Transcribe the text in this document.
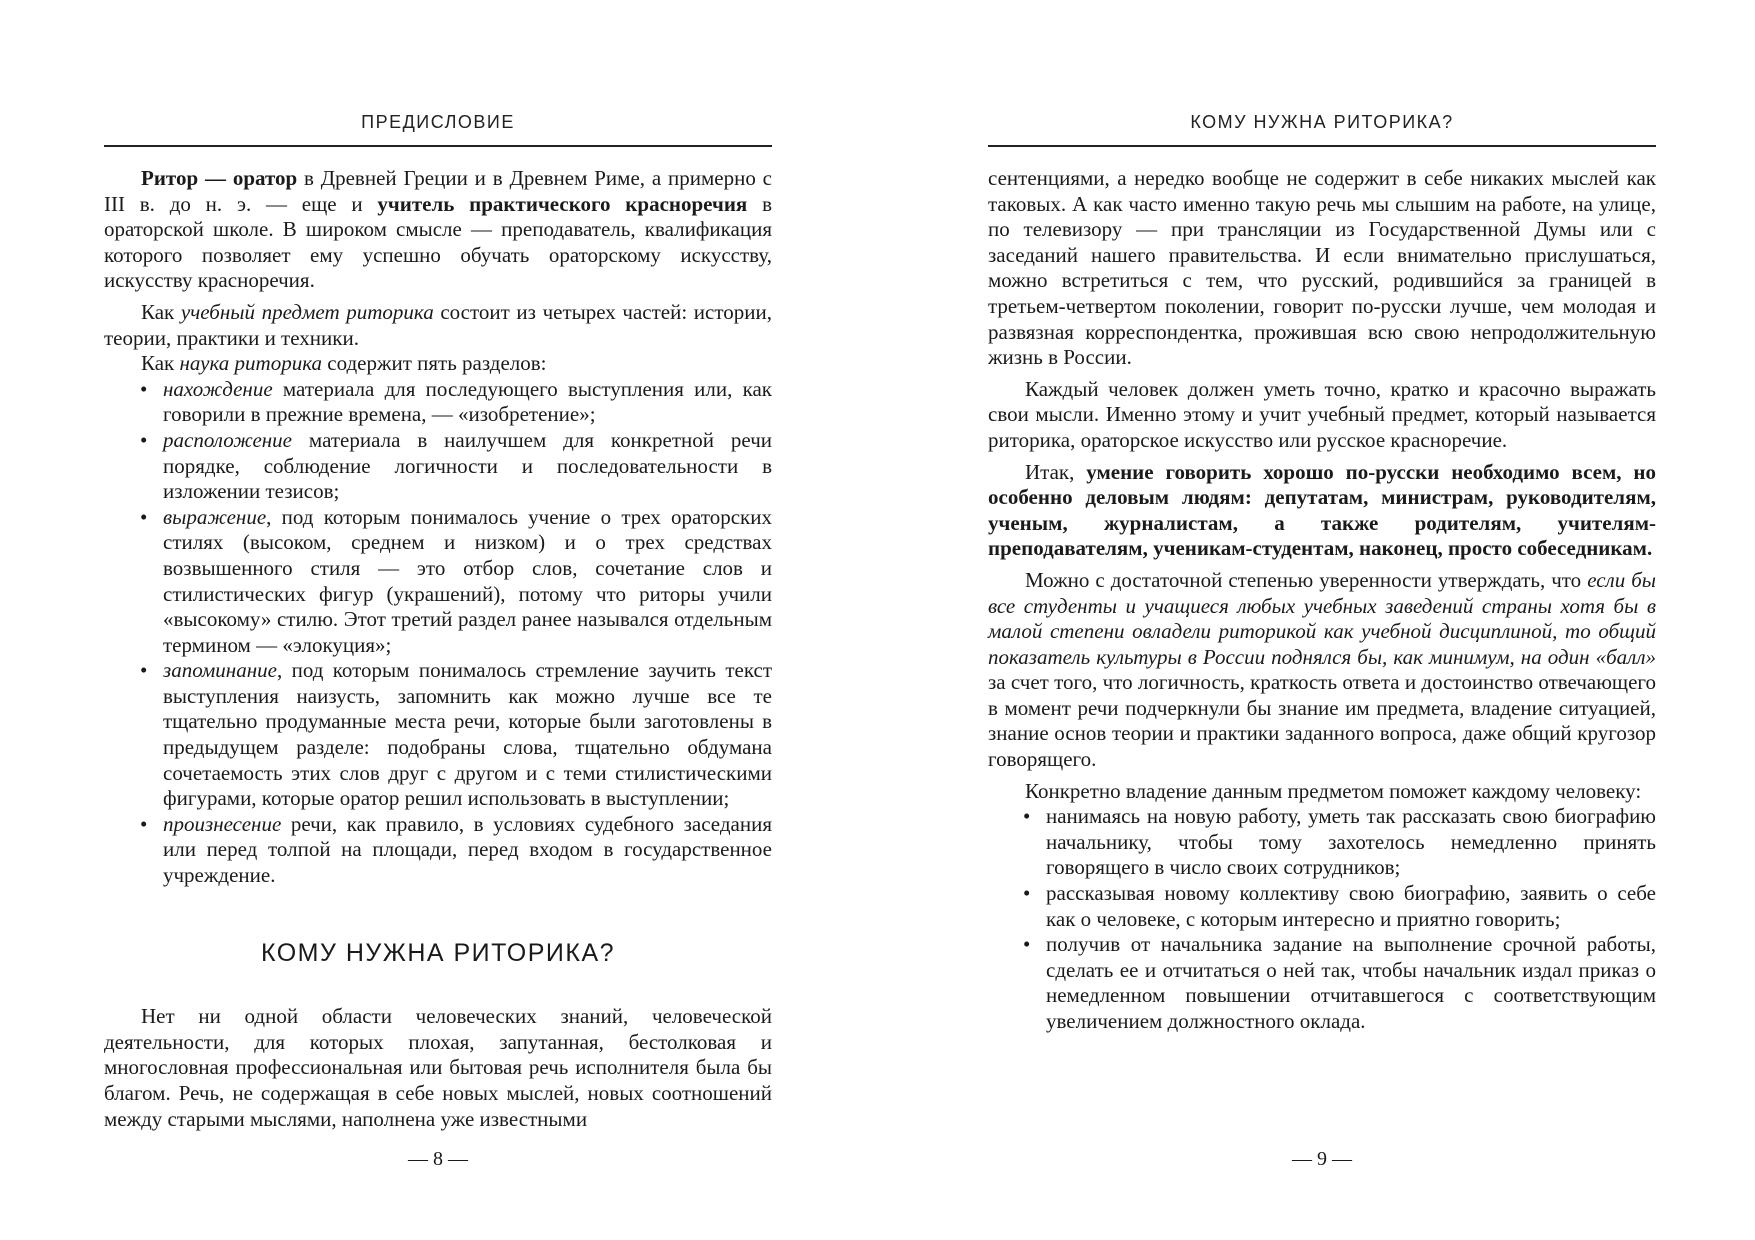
ПРЕДИСЛОВИЕ

Ритор — оратор в Древней Греции и в Древнем Риме, а примерно с III в. до н. э. — еще и учитель практического красноречия в ораторской школе. В широком смысле — преподаватель, квалификация которого позволяет ему успешно обучать ораторскому искусству, искусству красноречия.

Как учебный предмет риторика состоит из четырех частей: истории, теории, практики и техники.

Как наука риторика содержит пять разделов:

• нахождение материала для последующего выступления или, как говорили в прежние времена, — «изобретение»;
• расположение материала в наилучшем для конкретной речи порядке, соблюдение логичности и последовательности в изложении тезисов;
• выражение, под которым понималось учение о трех ораторских стилях (высоком, среднем и низком) и о трех средствах возвышенного стиля — это отбор слов, сочетание слов и стилистических фигур (украшений), потому что риторы учили «высокому» стилю. Этот третий раздел ранее назывался отдельным термином — «элокуция»;
• запоминание, под которым понималось стремление заучить текст выступления наизусть, запомнить как можно лучше все те тщательно продуманные места речи, которые были заготовлены в предыдущем разделе: подобраны слова, тщательно обдумана сочетаемость этих слов друг с другом и с теми стилистическими фигурами, которые оратор решил использовать в выступлении;
• произнесение речи, как правило, в условиях судебного заседания или перед толпой на площади, перед входом в государственное учреждение.
КОМУ НУЖНА РИТОРИКА?

Нет ни одной области человеческих знаний, человеческой деятельности, для которых плохая, запутанная, бестолковая и многословная профессиональная или бытовая речь исполнителя была бы благом. Речь, не содержащая в себе новых мыслей, новых соотношений между старыми мыслями, наполнена уже известными

— 8 —
КОМУ НУЖНА РИТОРИКА?

сентенциями, а нередко вообще не содержит в себе никаких мыслей как таковых. А как часто именно такую речь мы слышим на работе, на улице, по телевизору — при трансляции из Государственной Думы или с заседаний нашего правительства. И если внимательно прислушаться, можно встретиться с тем, что русский, родившийся за границей в третьем-четвертом поколении, говорит по-русски лучше, чем молодая и развязная корреспондентка, прожившая всю свою непродолжительную жизнь в России.

Каждый человек должен уметь точно, кратко и красочно выражать свои мысли. Именно этому и учит учебный предмет, который называется риторика, ораторское искусство или русское красноречие.

Итак, умение говорить хорошо по-русски необходимо всем, но особенно деловым людям: депутатам, министрам, руководителям, ученым, журналистам, а также родителям, учителям-преподавателям, ученикам-студентам, наконец, просто собеседникам.

Можно с достаточной степенью уверенности утверждать, что если бы все студенты и учащиеся любых учебных заведений страны хотя бы в малой степени овладели риторикой как учебной дисциплиной, то общий показатель культуры в России поднялся бы, как минимум, на один «балл» за счет того, что логичность, краткость ответа и достоинство отвечающего в момент речи подчеркнули бы знание им предмета, владение ситуацией, знание основ теории и практики заданного вопроса, даже общий кругозор говорящего.

Конкретно владение данным предметом поможет каждому человеку:

• нанимаясь на новую работу, уметь так рассказать свою биографию начальнику, чтобы тому захотелось немедленно принять говорящего в число своих сотрудников;
• рассказывая новому коллективу свою биографию, заявить о себе как о человеке, с которым интересно и приятно говорить;
• получив от начальника задание на выполнение срочной работы, сделать ее и отчитаться о ней так, чтобы начальник издал приказ о немедленном повышении отчитавшегося с соответствующим увеличением должностного оклада.
— 9 —
